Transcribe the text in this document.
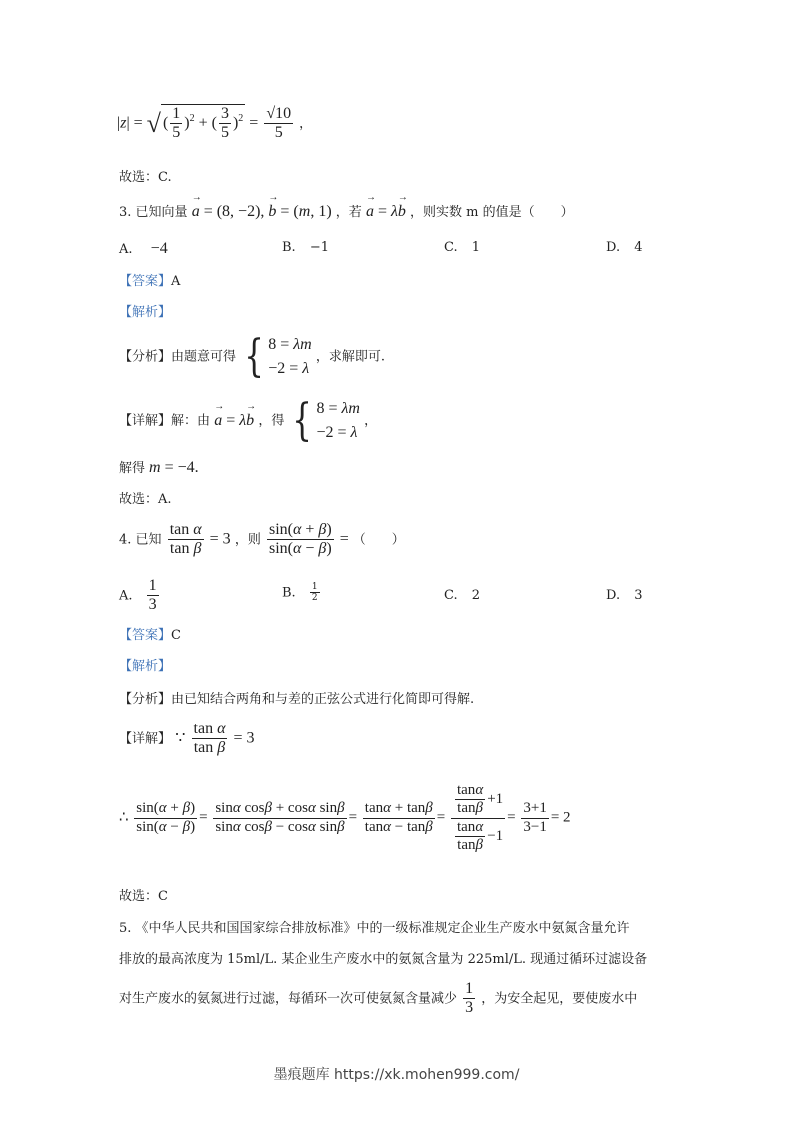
|z| = √ ( $\frac{1}{5} )^2$ + ( $\frac{3}{5} )^2 = \frac{√10}{5}$ ，
故选：C.
3. 已知向量 → a = (8, −2), → b = (m, 1) ，若 → a = λ→ b ，则实数 m 的值是（　　）
A. −4	B. −1	C. 1	D. 4
【答案】A
【解析】
【分析】由题意可得 { 8 = λm
−2 = λ
，求解即可.
【详解】解：由 → a = λ→ b ，得 { 8 = λm
−2 = λ
，
解得 m = −4.
故选：A.
4. 已知 $\frac{\text{tan α}}{\text{tan β}} = 3$ ，则 $\frac{\sin(\alpha + \beta)}{\sin(\alpha - \beta)}$ = （　　）
A. $\frac{1}{3}$	B. $\frac{1}{2}$	C. 2	D. 3
【答案】C
【解析】
【分析】由已知结合两角和与差的正弦公式进行化简即可得解.
【详解】 ∵ $\frac{\text{tan α}}{\text{tan β}} = 3$
∴ $\frac{\sin(\alpha + \beta)}{\sin(\alpha - \beta)} = \frac{\text{sinα cosβ + cosα sinβ}}{\text{sinα cosβ − cosα sinβ}} = \frac{\tan\alpha + \tan\beta}{\tan\alpha - \tan\beta} = \frac{\frac{\tan\alpha}{\tan\beta} +1}{\frac{\tan\alpha}{\tan\beta} -1} = \frac{3+1}{3-1} = 2$
故选：C
5. 《中华人民共和国国家综合排放标准》中的一级标准规定企业生产废水中氨氮含量允许
排放的最高浓度为 15ml/L. 某企业生产废水中的氨氮含量为 225ml/L. 现通过循环过滤设备
对生产废水的氨氮进行过滤，每循环一次可使氨氮含量减少 $\frac{1}{3}$ ，为安全起见，要使废水中
墨痕题库 https://xk.mohen999.com/
